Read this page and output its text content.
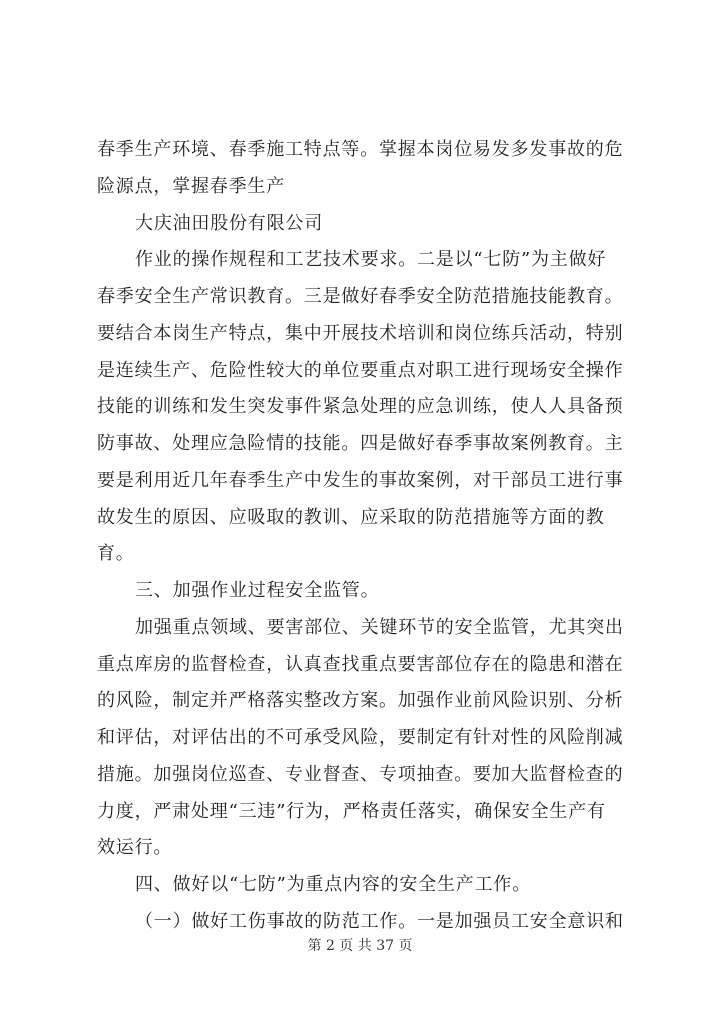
春季生产环境、春季施工特点等。掌握本岗位易发多发事故的危
险源点，掌握春季生产
大庆油田股份有限公司
作业的操作规程和工艺技术要求。二是以“七防”为主做好
春季安全生产常识教育。三是做好春季安全防范措施技能教育。
要结合本岗生产特点，集中开展技术培训和岗位练兵活动，特别
是连续生产、危险性较大的单位要重点对职工进行现场安全操作
技能的训练和发生突发事件紧急处理的应急训练，使人人具备预
防事故、处理应急险情的技能。四是做好春季事故案例教育。主
要是利用近几年春季生产中发生的事故案例，对干部员工进行事
故发生的原因、应吸取的教训、应采取的防范措施等方面的教育。
三、加强作业过程安全监管。
加强重点领域、要害部位、关键环节的安全监管，尤其突出
重点库房的监督检查，认真查找重点要害部位存在的隐患和潜在
的风险，制定并严格落实整改方案。加强作业前风险识别、分析
和评估，对评估出的不可承受风险，要制定有针对性的风险削减
措施。加强岗位巡查、专业督查、专项抽查。要加大监督检查的
力度，严肃处理“三违”行为，严格责任落实，确保安全生产有
效运行。
四、做好以“七防”为重点内容的安全生产工作。
（一）做好工伤事故的防范工作。一是加强员工安全意识和
第 2 页 共 37 页
